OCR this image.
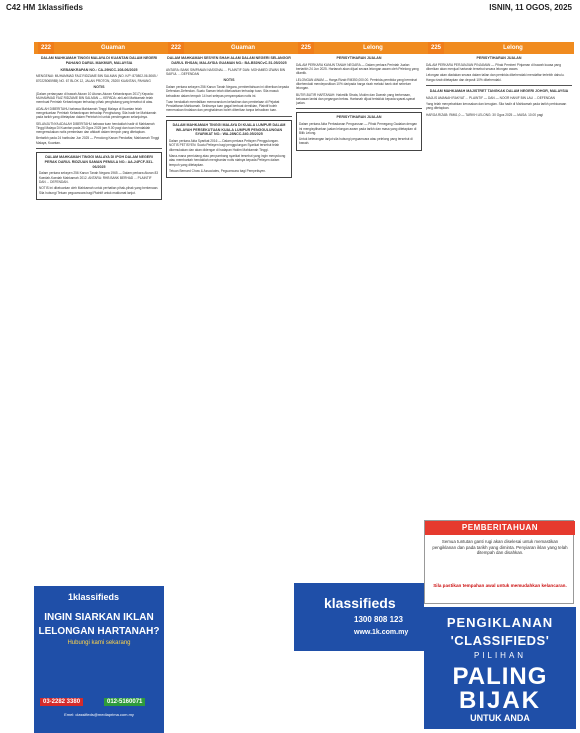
C42 HM 1klassifieds	ISNIN, 11 OGOS, 2025
222	Guaman	222	Guaman	225	Lelong	225	Lelong

DALAM MAHKAMAH TINGGI MALAYA DI KUANTAN DALAM NEGERI PAHANG DARUL MAKMUR, MALAYSIA

KEBANKRAPAN NO.: CA-29NCC-108-06/2025

MENGENAI: MUHAMMAD FAIZ RIDZAME BIN SALMAN (NO. K/P: 870802-06-5065 / 870225065985) NO. 67 BLOK 12, JALAN PROTON, 25200 KUANTAN, PAHANG

NOTIS

(Dalam pertanyaan di bawah Aturan 10 Aturan-Aturan Kebankrapan 2017) Kepada: MUHAMMAD FAIZ RIDZAME BIN SALMAN — KEPADA: ahli-ahli Mahkamah telah membuat Perintah Kebankrapan terhadap pihak penghutang yang tersebut di atas.

ADALAH DIBERITAHU bahawa Mahkamah Tinggi Malaya di Kuantan telah mengeluarkan Perintah Kebankrapan terhadap Penghutang. Sila hadir ke Mahkamah pada tarikh yang ditetapkan dalam Perintah ini untuk pendengaran selanjutnya.

SELANJUTNYA ADALAH DIBERITAHU bahawa tuan hendaklah hadir di Mahkamah Tinggi Malaya Di Kuantan pada 25 Ogos 2025 jam 9.00 pagi dan tuan hendaklah mengemukakan notis pembelaan dan afidavit dalam tempoh yang ditetapkan.

Bertarikh pada 24 haribulan Jun 2025 — Penolong Kanan Pendaftar, Mahkamah Tinggi Malaya, Kuantan.

DALAM MAHKAMAH TINGGI MALAYA DI IPOH DALAM NEGERI PERAK DARUL RIDZUAN SAMAN PEMULA NO.: AA-24FCF-531-06/2025

Dalam perkara seksyen 256 Kanun Tanah Negara 1965 — Dalam perkara Aturan 83 Kaedah-Kaedah Mahkamah 2012. ANTARA: RHB BANK BERHAD ... PLAINTIF DAN ... DEFENDAN.

NOTIS ini dikeluarkan oleh Mahkamah untuk perhatian pihak-pihak yang berkenaan. Sila hubungi Tetuan peguamcara bagi Plaintif untuk maklumat lanjut.

DALAM MAHKAMAH SESYEN SHAH ALAM DALAM NEGERI SELANGOR DARUL EHSAN, MALAYSIA GUAMAN NO.: BA-B52NCvC-51-05/2025

ANTARA: BANK SIMPANAN NASIONAL ... PLAINTIF DAN: MOHAMED IZWAN BIN SAIFUL ... DEFENDAN

NOTIS

Dalam perkara seksyen 256 Kanun Tanah Negara, pemberitahuan ini diberikan kepada Defendan-Defendan. Suatu Saman telah dikeluarkan terhadap tuan. Sila masuk kehadiran dalam tempoh 14 hari selepas penyampaian notis ini.

Tuan hendaklah memfailkan memorandum kehadiran dan pembelaan di Pejabat Pendaftaran Mahkamah. Sekiranya tuan gagal berbuat demikian, Plaintif boleh meneruskan tindakan dan penghakiman boleh diberikan tanpa kehadiran tuan.

DALAM MAHKAMAH TINGGI MALAYA DI KUALA LUMPUR DALAM WILAYAH PERSEKUTUAN KUALA LUMPUR PENGGULUNGAN SYARIKAT NO.: WA-28NCC-340-05/2025

Dalam perkara Akta Syarikat 2016 — Dalam perkara Petisyen Penggulungan. NOTIS PETISYEN: Suatu Petisyen bagi penggulungan Syarikat tersebut telah dikemukakan dan akan didengar di hadapan Hakim Mahkamah Tinggi.

Mana-mana pemiutang atau penyumbang syarikat tersebut yang ingin menyokong atau membantah hendaklah menghantar notis niatnya kepada Petisyen dalam tempoh yang ditetapkan.

Tetuan Bernard Chow & Associates, Peguamcara bagi Pempetisyen.

PERISYTIHARAN JUALAN

DALAM PERKARA KANUN TANAH NEGARA — Dalam perkara Perintah Jualan bertarikh 24 Jun 2025. Hartanah akan dijual secara lelongan awam oleh Pelelong yang dilantik.

LELONGAN AWAM — Harga Rizab RM350,000.00. Pembida-pembida yang berminat dikehendaki mendepositkan 10% daripada harga rizab melalui bank draf sebelum lelongan.

BUTIR-BUTIR HARTANAH: Hakmilik Strata, Mukim dan Daerah yang berkenaan, keluasan lantai dan pegangan bebas. Hartanah dijual tertakluk kepada syarat-syarat jualan.

PERISYTIHARAN JUALAN

Dalam perkara Akta Perbadanan Pengurusan — Pihak Pemegang Gadaian dengan ini mengisytiharkan jualan lelongan awam pada tarikh dan masa yang ditetapkan di Bilik Lelong.

Untuk keterangan lanjut sila hubungi peguamcara atau pelelong yang tersebut di bawah.

PERISYTIHARAN JUALAN

DALAM PERKARA PERJANJIAN PINJAMAN — Pihak Pemberi Pinjaman di bawah kuasa yang diberikan akan menjual hartanah tersebut secara lelongan awam.

Lelongan akan diadakan secara dalam talian dan pembida dikehendaki mendaftar terlebih dahulu. Harga rizab ditetapkan dan deposit 10% dikehendaki.

DALAM MAHKAMAH MAJISTRET TANGKAK DALAM NEGERI JOHOR, MALAYSIA

MAJLIS AMANAH RAKYAT ... PLAINTIF — DAN — NOOR HANIF BIN LAU ... DEFENDAN

Yang telah menyebabkan kerosakan dan kerugian. Sila hadir di Mahkamah pada tarikh perbicaraan yang ditetapkan.

HARGA RIZAB: RM61,0 — TARIKH LELONG: 30 Ogos 2025 — MASA: 10.00 pagi

1klassifieds
INGIN SIARKAN IKLAN
LELONGAN HARTANAH?
Hubungi kami sekarang
03-2282 3380	012-5160071
Emel: classifieds@mediaprima.com.my
klassifieds
1300 808 123
www.1k.com.my
PEMBERITAHUAN
Semua tuntutan ganti rugi akan diselesai untuk memastikan pengiklanan dan pada tarikh yang diminta. Penyiaran iklan yang telah ditempah dan disahkan.
Sila pastikan tempahan awal untuk memudahkan kelancaran.
PENGIKLANAN
'CLASSIFIEDS'
PILIHAN
PALING
BIJAK
UNTUK ANDA
